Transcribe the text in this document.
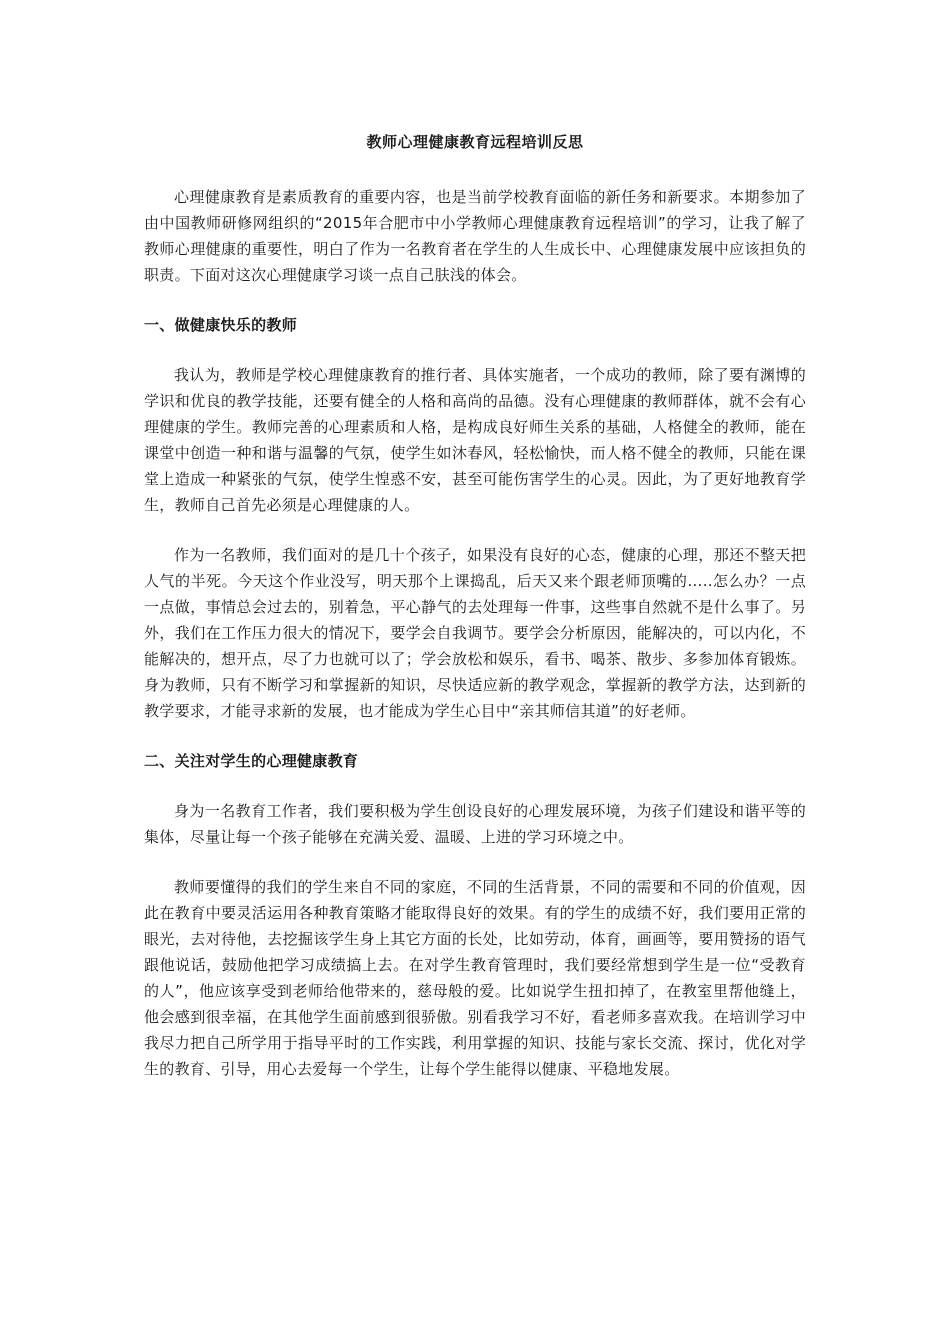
教师心理健康教育远程培训反思

心理健康教育是素质教育的重要内容，也是当前学校教育面临的新任务和新要求。本期参加了由中国教师研修网组织的“2015年合肥市中小学教师心理健康教育远程培训”的学习，让我了解了教师心理健康的重要性，明白了作为一名教育者在学生的人生成长中、心理健康发展中应该担负的职责。下面对这次心理健康学习谈一点自己肤浅的体会。

一、做健康快乐的教师

我认为，教师是学校心理健康教育的推行者、具体实施者，一个成功的教师，除了要有渊博的学识和优良的教学技能，还要有健全的人格和高尚的品德。没有心理健康的教师群体，就不会有心理健康的学生。教师完善的心理素质和人格，是构成良好师生关系的基础，人格健全的教师，能在课堂中创造一种和谐与温馨的气氛，使学生如沐春风，轻松愉快，而人格不健全的教师，只能在课堂上造成一种紧张的气氛，使学生惶惑不安，甚至可能伤害学生的心灵。因此，为了更好地教育学生，教师自己首先必须是心理健康的人。

作为一名教师，我们面对的是几十个孩子，如果没有良好的心态，健康的心理，那还不整天把人气的半死。今天这个作业没写，明天那个上课捣乱，后天又来个跟老师顶嘴的…..怎么办？一点一点做，事情总会过去的，别着急，平心静气的去处理每一件事，这些事自然就不是什么事了。另外，我们在工作压力很大的情况下，要学会自我调节。要学会分析原因，能解决的，可以内化，不能解决的，想开点，尽了力也就可以了；学会放松和娱乐，看书、喝茶、散步、多参加体育锻炼。身为教师，只有不断学习和掌握新的知识，尽快适应新的教学观念，掌握新的教学方法，达到新的教学要求，才能寻求新的发展，也才能成为学生心目中“亲其师信其道”的好老师。

二、关注对学生的心理健康教育

身为一名教育工作者，我们要积极为学生创设良好的心理发展环境，为孩子们建设和谐平等的集体，尽量让每一个孩子能够在充满关爱、温暖、上进的学习环境之中。

教师要懂得的我们的学生来自不同的家庭，不同的生活背景，不同的需要和不同的价值观，因此在教育中要灵活运用各种教育策略才能取得良好的效果。有的学生的成绩不好，我们要用正常的眼光，去对待他，去挖掘该学生身上其它方面的长处，比如劳动，体育，画画等，要用赞扬的语气跟他说话，鼓励他把学习成绩搞上去。在对学生教育管理时，我们要经常想到学生是一位“受教育的人”，他应该享受到老师给他带来的，慈母般的爱。比如说学生扭扣掉了，在教室里帮他缝上，他会感到很幸福，在其他学生面前感到很骄傲。别看我学习不好，看老师多喜欢我。在培训学习中我尽力把自己所学用于指导平时的工作实践，利用掌握的知识、技能与家长交流、探讨，优化对学生的教育、引导，用心去爱每一个学生，让每个学生能得以健康、平稳地发展。
